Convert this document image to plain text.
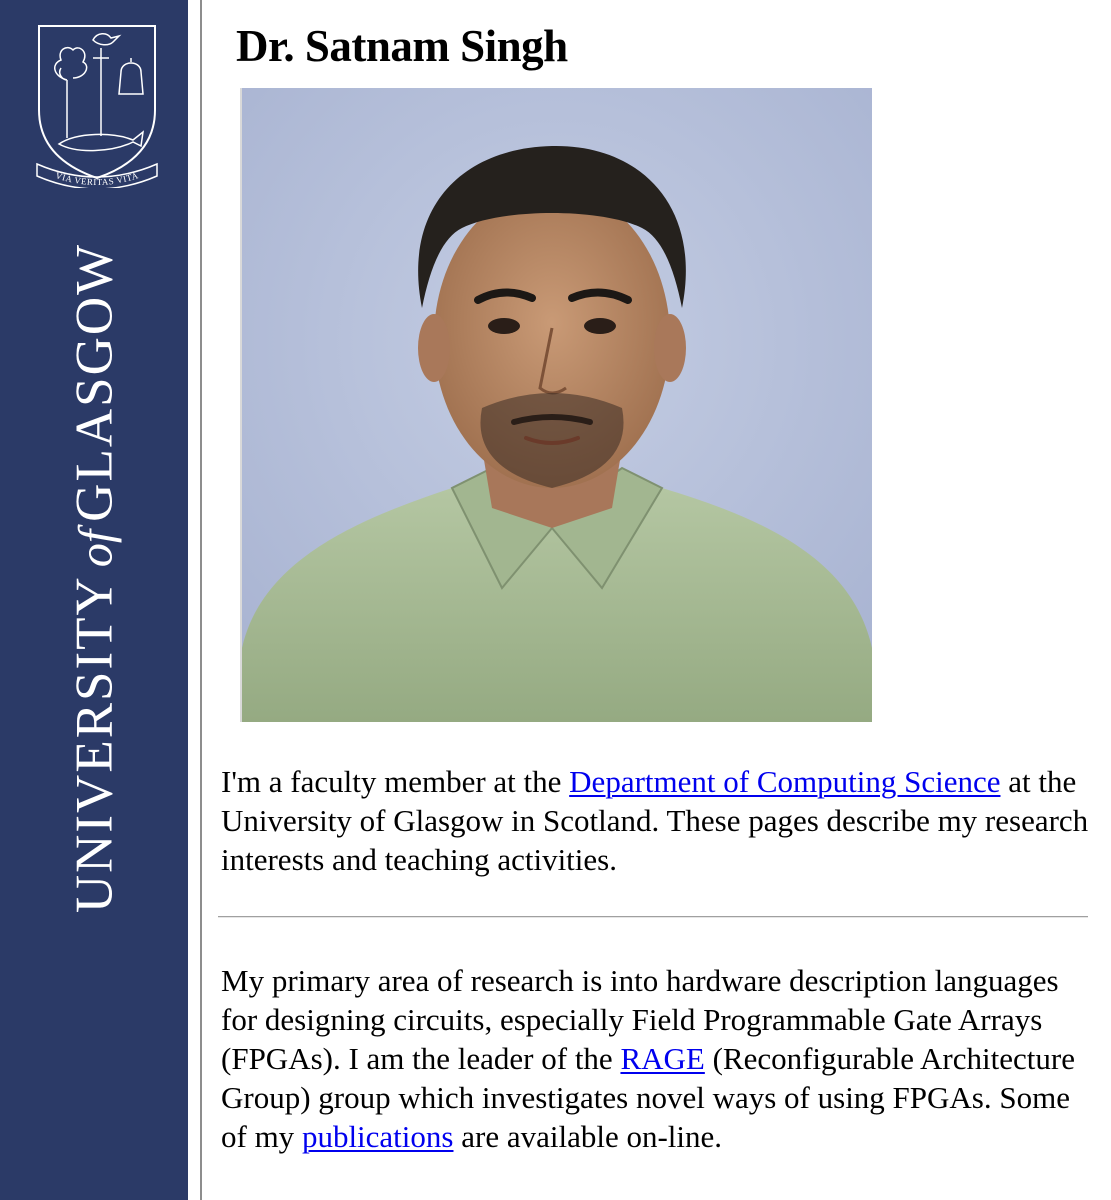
VIA VERITAS VITA
UNIVERSITYofGLASGOW
Dr. Satnam Singh

I'm a faculty member at the Department of Computing Science at the University of Glasgow in Scotland. These pages describe my research interests and teaching activities.

My primary area of research is into hardware description languages for designing circuits, especially Field Programmable Gate Arrays (FPGAs). I am the leader of the RAGE (Reconfigurable Architecture Group) group which investigates novel ways of using FPGAs. Some of my publications are available on-line.
